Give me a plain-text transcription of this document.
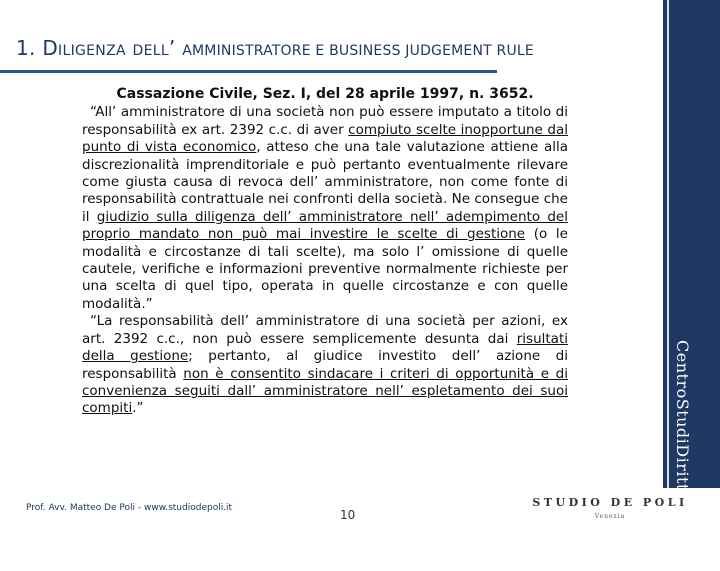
1. Diligenza dell’ AMMINISTRATORE E BUSINESS JUDGEMENT RULE
CentroStudiDirittoImpresa
Cassazione Civile, Sez. I, del 28 aprile 1997, n. 3652.

“All’ amministratore di una società non può essere imputato a titolo di responsabilità ex art. 2392 c.c. di aver compiuto scelte inopportune dal punto di vista economico, atteso che una tale valutazione attiene alla discrezionalità imprenditoriale e può pertanto eventualmente rilevare come giusta causa di revoca dell’ amministratore, non come fonte di responsabilità contrattuale nei confronti della società. Ne consegue che il giudizio sulla diligenza dell’ amministratore nell’ adempimento del proprio mandato non può mai investire le scelte di gestione (o le modalità e circostanze di tali scelte), ma solo l’ omissione di quelle cautele, verifiche e informazioni preventive normalmente richieste per una scelta di quel tipo, operata in quelle circostanze e con quelle modalità.”

“La responsabilità dell’ amministratore di una società per azioni, ex art. 2392 c.c., non può essere semplicemente desunta dai risultati della gestione; pertanto, al giudice investito dell’ azione di responsabilità non è consentito sindacare i criteri di opportunità e di convenienza seguiti dall’ amministratore nell’ espletamento dei suoi compiti.”

Prof. Avv. Matteo De Poli - www.studiodepoli.it	10
STUDIO DE POLI
Venezia
